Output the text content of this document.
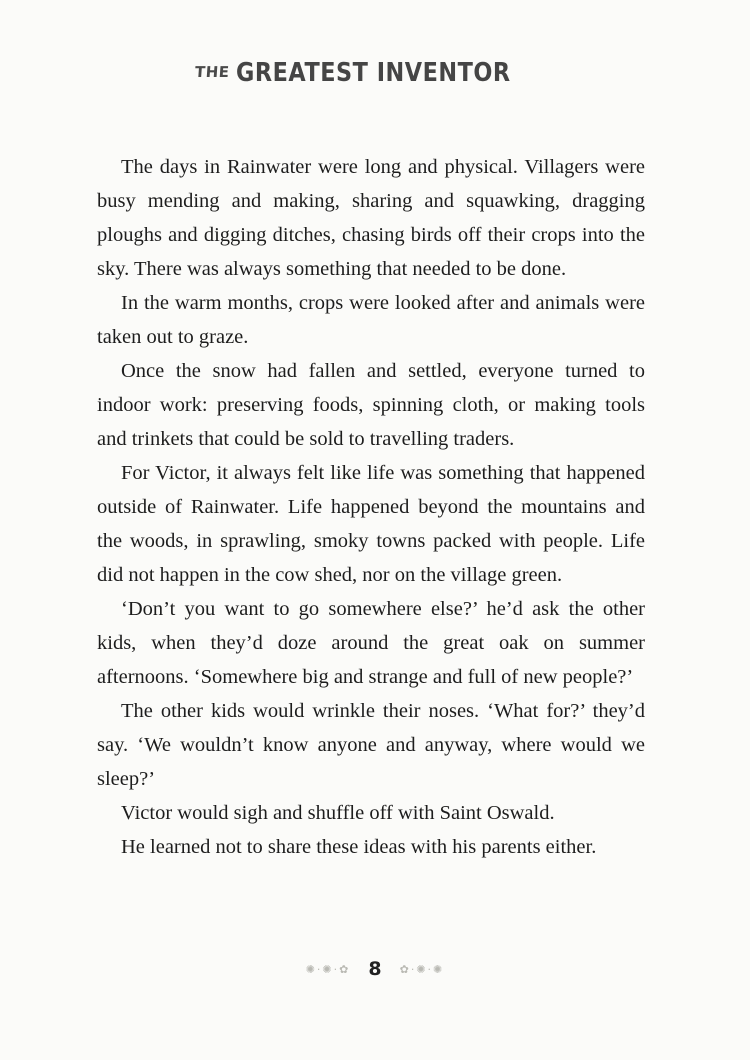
THE GREATEST INVENTOR

The days in Rainwater were long and physical. Villagers were busy mending and making, sharing and squawking, dragging ploughs and digging ditches, chasing birds off their crops into the sky. There was always something that needed to be done.

In the warm months, crops were looked after and animals were taken out to graze.

Once the snow had fallen and settled, everyone turned to indoor work: preserving foods, spinning cloth, or making tools and trinkets that could be sold to travelling traders.

For Victor, it always felt like life was something that happened outside of Rainwater. Life happened beyond the mountains and the woods, in sprawling, smoky towns packed with people. Life did not happen in the cow shed, nor on the village green.

‘Don’t you want to go somewhere else?’ he’d ask the other kids, when they’d doze around the great oak on summer afternoons. ‘Somewhere big and strange and full of new people?’

The other kids would wrinkle their noses. ‘What for?’ they’d say. ‘We wouldn’t know anyone and anyway, where would we sleep?’

Victor would sigh and shuffle off with Saint Oswald.

He learned not to share these ideas with his parents either.

✺·✺·✿ 8 ✿·✺·✺
